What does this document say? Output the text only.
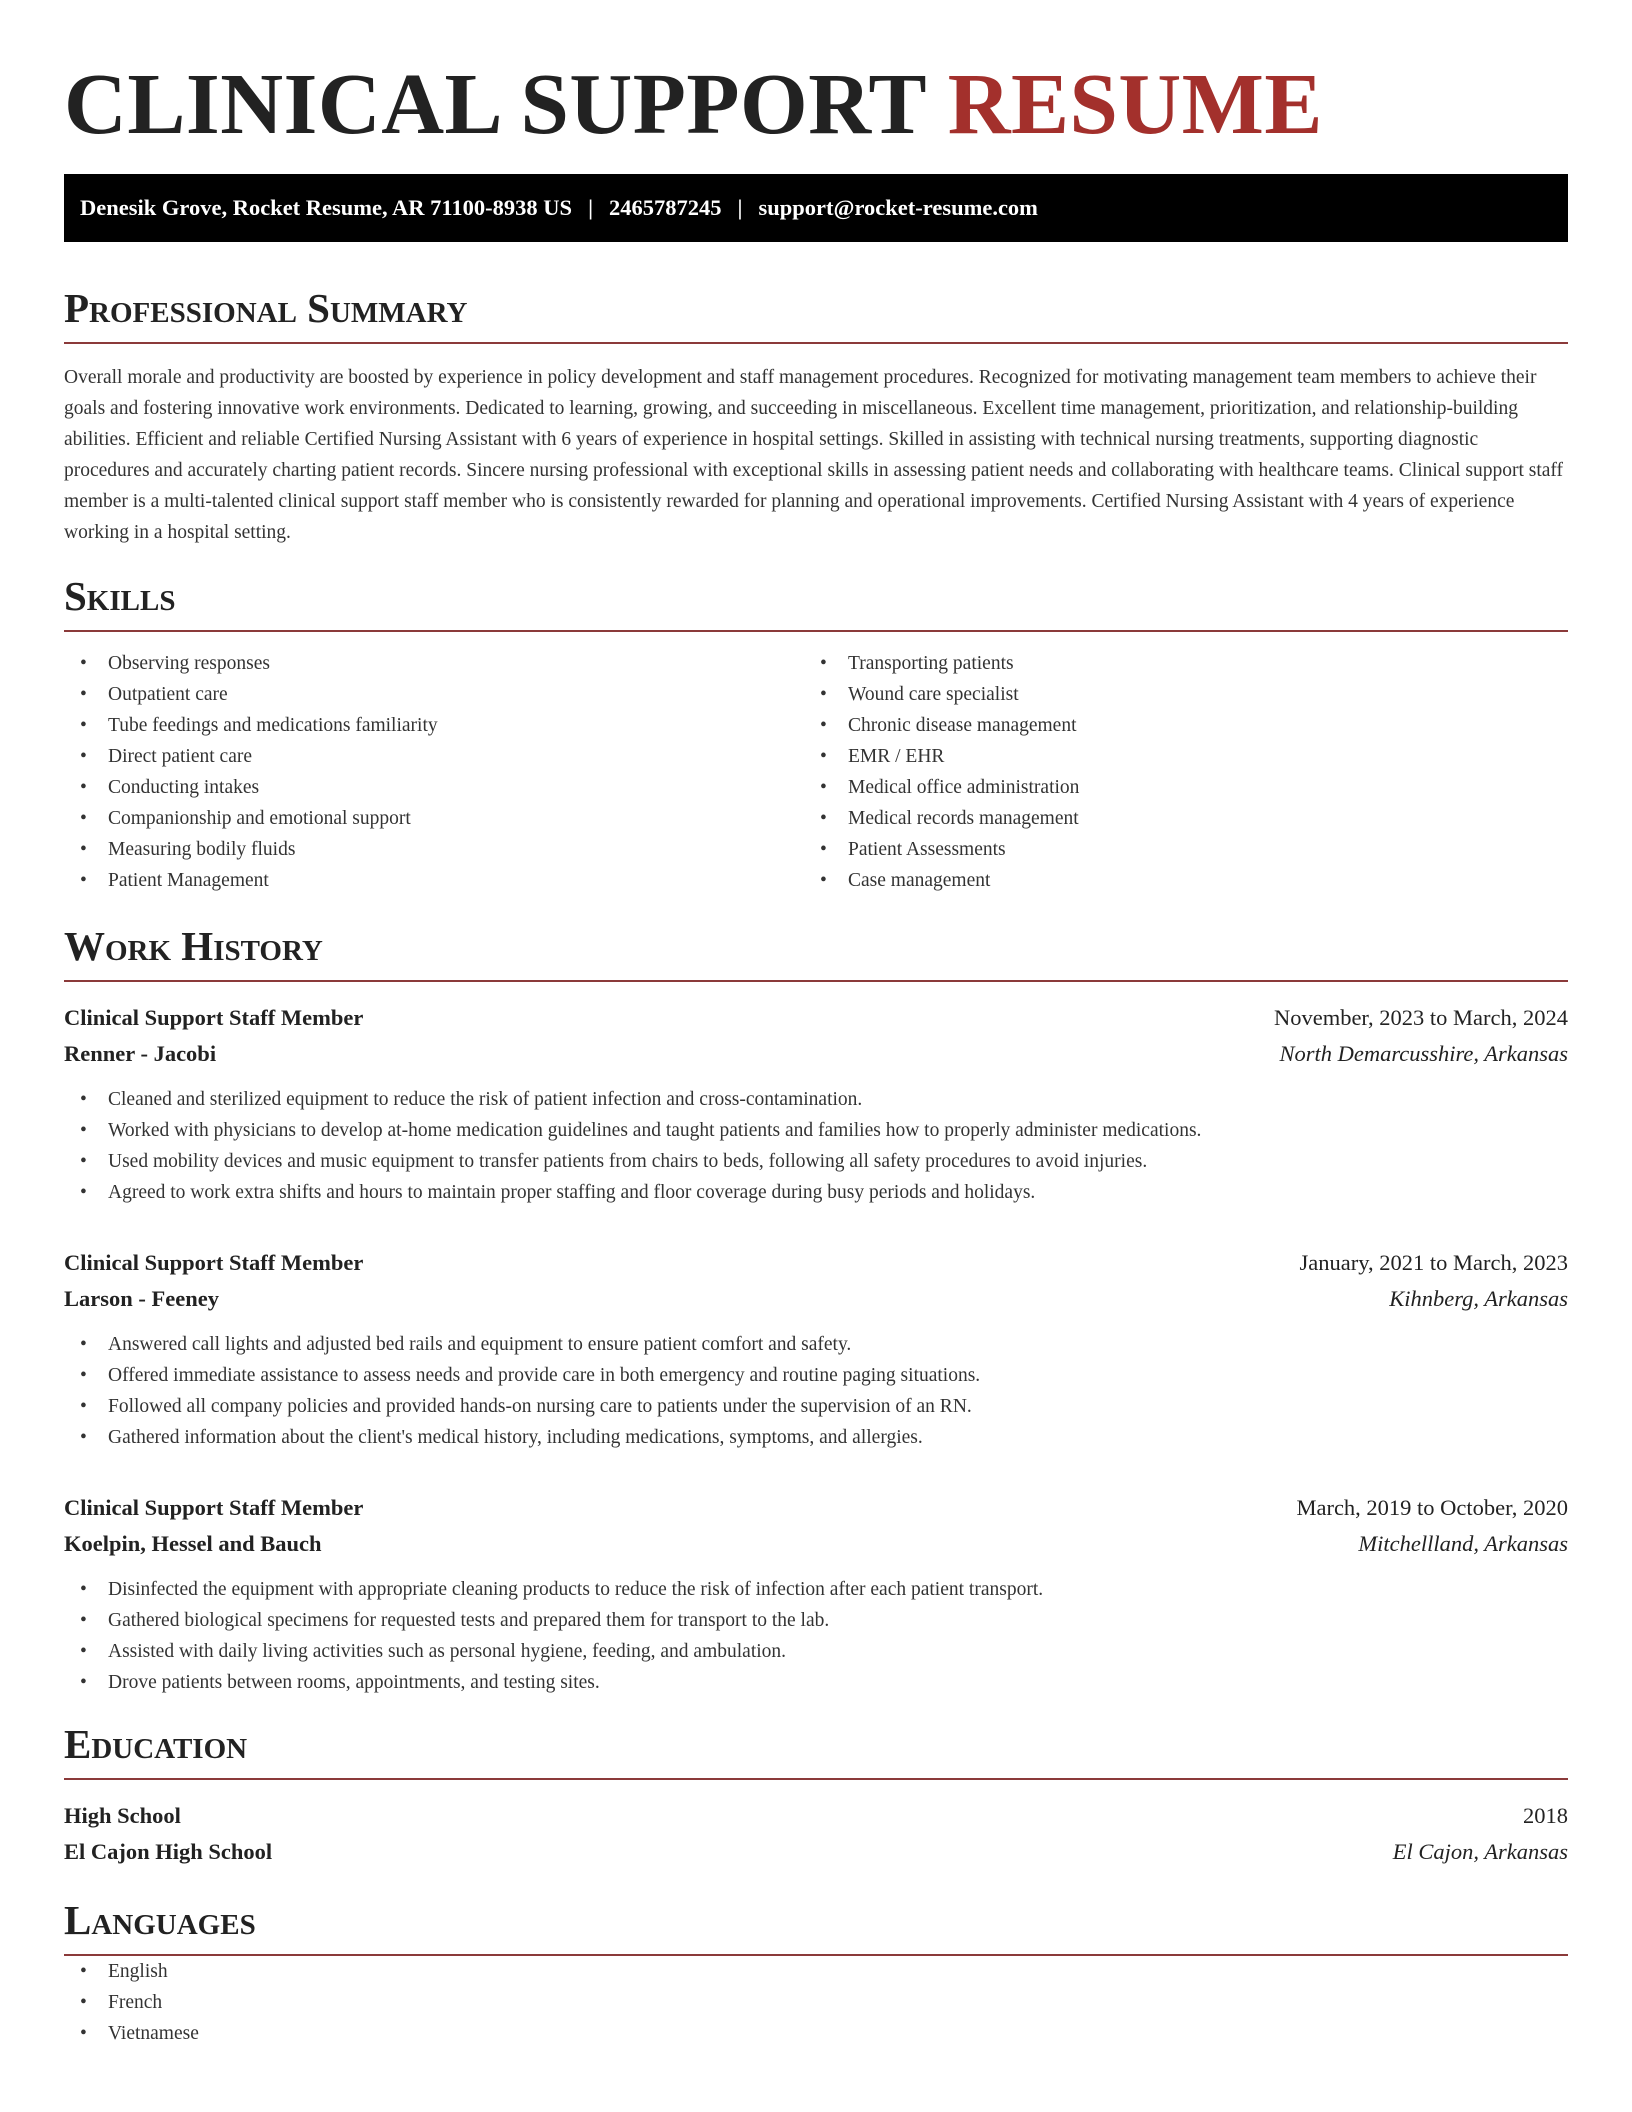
CLINICAL SUPPORT RESUME
Denesik Grove, Rocket Resume, AR 71100-8938 US | 2465787245 | support@rocket-resume.com
Professional Summary

Overall morale and productivity are boosted by experience in policy development and staff management procedures. Recognized for motivating management team members to achieve their goals and fostering innovative work environments. Dedicated to learning, growing, and succeeding in miscellaneous. Excellent time management, prioritization, and relationship-building abilities. Efficient and reliable Certified Nursing Assistant with 6 years of experience in hospital settings. Skilled in assisting with technical nursing treatments, supporting diagnostic procedures and accurately charting patient records. Sincere nursing professional with exceptional skills in assessing patient needs and collaborating with healthcare teams. Clinical support staff member is a multi-talented clinical support staff member who is consistently rewarded for planning and operational improvements. Certified Nursing Assistant with 4 years of experience working in a hospital setting.

Skills
• Observing responses
• Outpatient care
• Tube feedings and medications familiarity
• Direct patient care
• Conducting intakes
• Companionship and emotional support
• Measuring bodily fluids
• Patient Management
• Transporting patients
• Wound care specialist
• Chronic disease management
• EMR / EHR
• Medical office administration
• Medical records management
• Patient Assessments
• Case management
Work History
Clinical Support Staff Member	November, 2023 to March, 2024
Renner - Jacobi	North Demarcusshire, Arkansas
• Cleaned and sterilized equipment to reduce the risk of patient infection and cross-contamination.
• Worked with physicians to develop at-home medication guidelines and taught patients and families how to properly administer medications.
• Used mobility devices and music equipment to transfer patients from chairs to beds, following all safety procedures to avoid injuries.
• Agreed to work extra shifts and hours to maintain proper staffing and floor coverage during busy periods and holidays.
Clinical Support Staff Member	January, 2021 to March, 2023
Larson - Feeney	Kihnberg, Arkansas
• Answered call lights and adjusted bed rails and equipment to ensure patient comfort and safety.
• Offered immediate assistance to assess needs and provide care in both emergency and routine paging situations.
• Followed all company policies and provided hands-on nursing care to patients under the supervision of an RN.
• Gathered information about the client's medical history, including medications, symptoms, and allergies.
Clinical Support Staff Member	March, 2019 to October, 2020
Koelpin, Hessel and Bauch	Mitchellland, Arkansas
• Disinfected the equipment with appropriate cleaning products to reduce the risk of infection after each patient transport.
• Gathered biological specimens for requested tests and prepared them for transport to the lab.
• Assisted with daily living activities such as personal hygiene, feeding, and ambulation.
• Drove patients between rooms, appointments, and testing sites.
Education
High School	2018
El Cajon High School	El Cajon, Arkansas
Languages
• English
• French
• Vietnamese
